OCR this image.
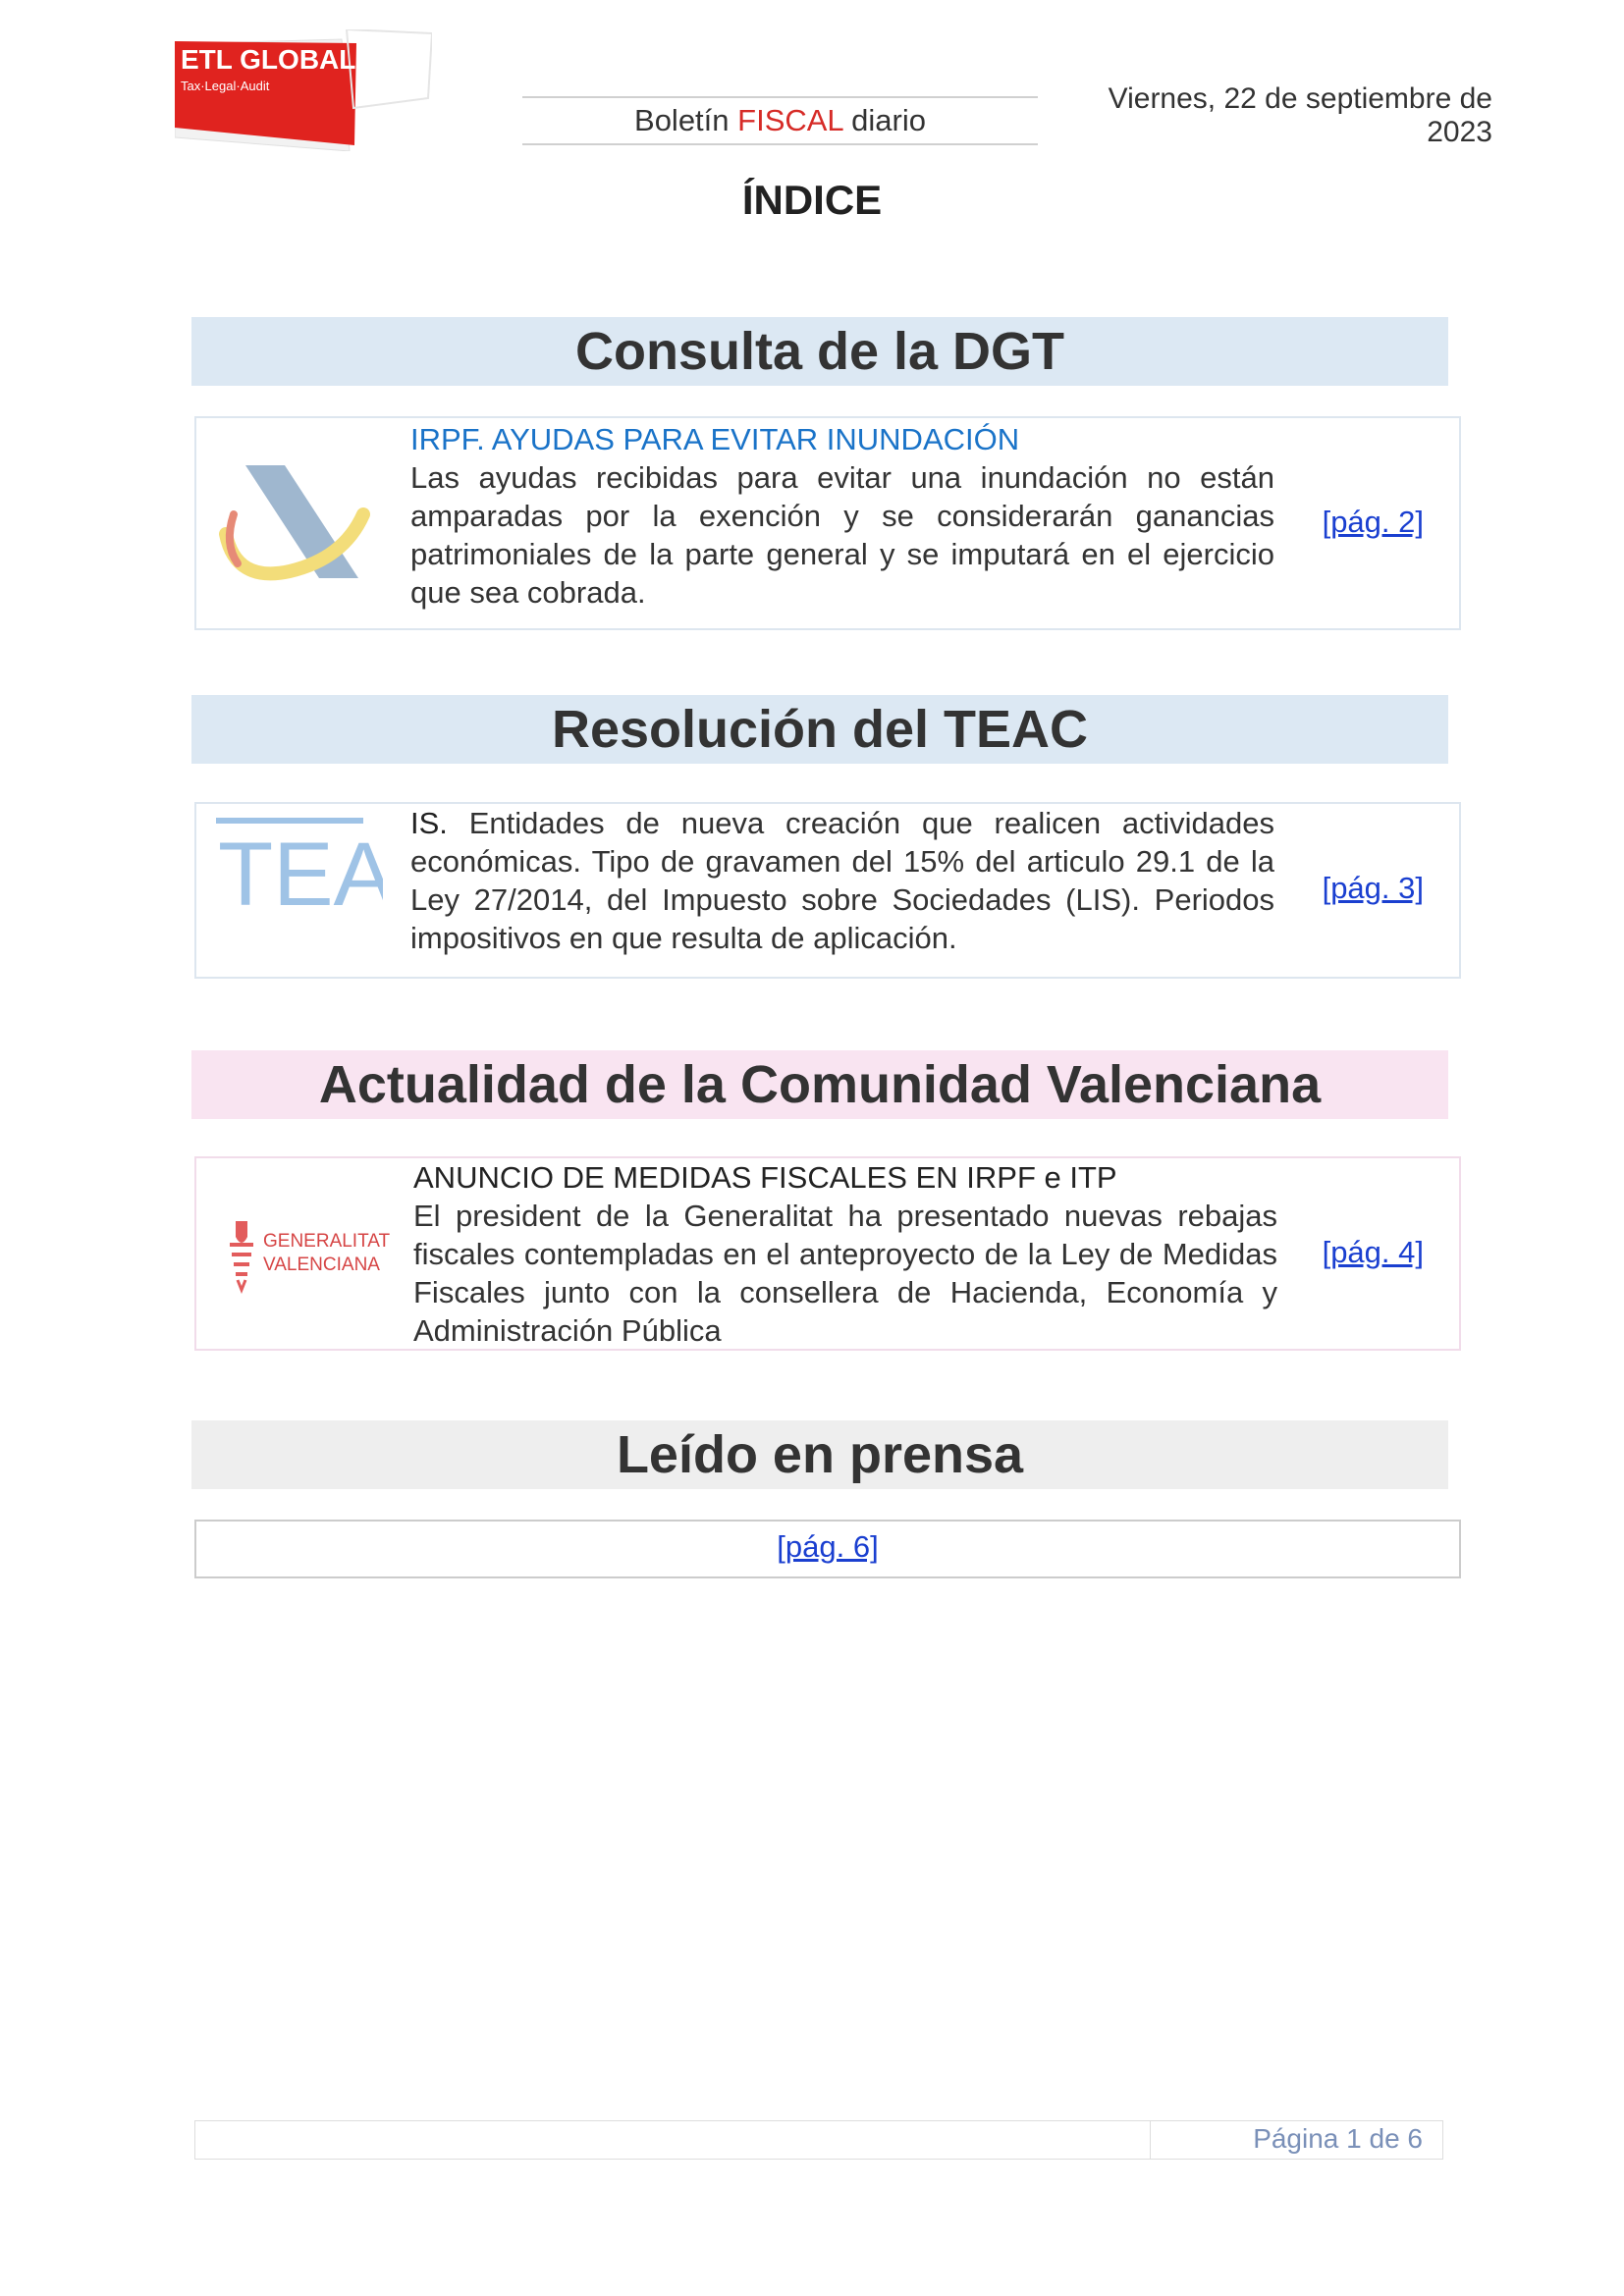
ETL GLOBAL
Tax·Legal·Audit
Boletín FISCAL diario
Viernes, 22 de septiembre de 2023
ÍNDICE
Consulta de la DGT
IRPF. AYUDAS PARA EVITAR INUNDACIÓN
Las ayudas recibidas para evitar una inundación no están amparadas por la exención y se considerarán ganancias patrimoniales de la parte general y se imputará en el ejercicio que sea cobrada.
[pág. 2]
Resolución del TEAC
TEA
IS. Entidades de nueva creación que realicen actividades económicas. Tipo de gravamen del 15% del articulo 29.1 de la Ley 27/2014, del Impuesto sobre Sociedades (LIS). Periodos impositivos en que resulta de aplicación.
[pág. 3]
Actualidad de la Comunidad Valenciana
GENERALITAT
VALENCIANA
ANUNCIO DE MEDIDAS FISCALES EN IRPF e ITP
El president de la Generalitat ha presentado nuevas rebajas fiscales contempladas en el anteproyecto de la Ley de Medidas Fiscales junto con la consellera de Hacienda, Economía y Administración Pública
[pág. 4]
Leído en prensa
[pág. 6]
Página 1 de 6
